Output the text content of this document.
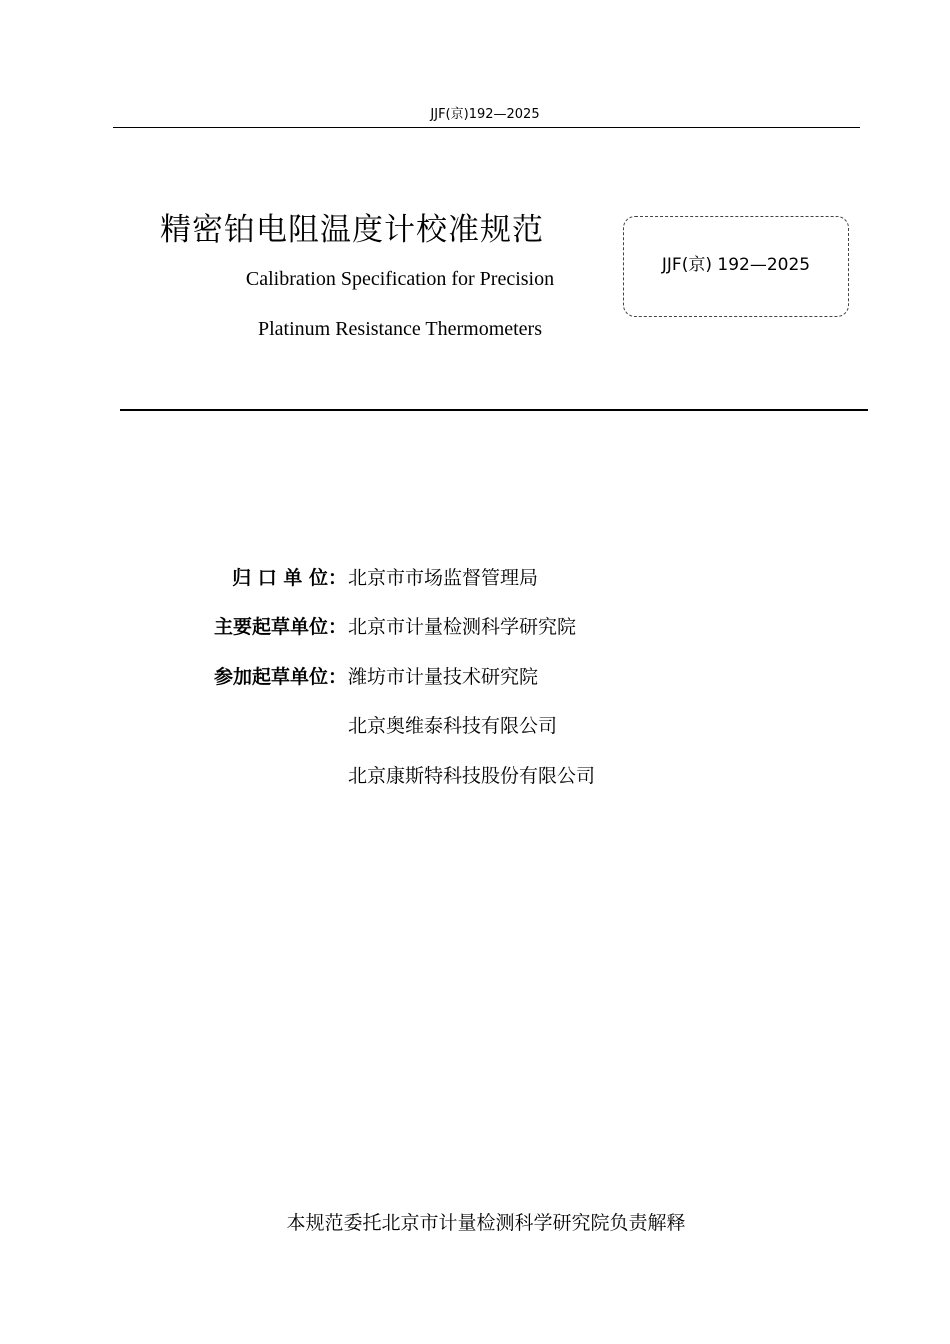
JJF(京)192—2025
精密铂电阻温度计校准规范
Calibration Specification for Precision
Platinum Resistance Thermometers
JJF(京) 192—2025
归 口 单 位： 北京市市场监督管理局
主要起草单位： 北京市计量检测科学研究院
参加起草单位： 潍坊市计量技术研究院
北京奥维泰科技有限公司
北京康斯特科技股份有限公司
本规范委托北京市计量检测科学研究院负责解释
